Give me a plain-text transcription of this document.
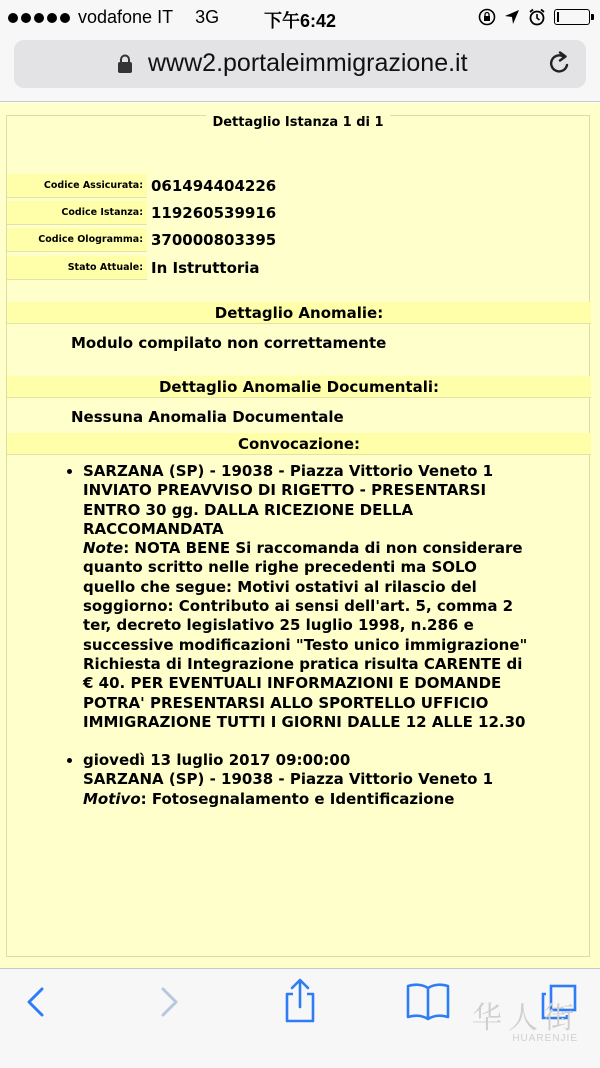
vodafone IT 3G	下午6:42
www2.portaleimmigrazione.it
Dettaglio Istanza 1 di 1
Codice Assicurata: 061494404226
Codice Istanza: 119260539916
Codice Ologramma: 370000803395
Stato Attuale: In Istruttoria
Dettaglio Anomalie:
Modulo compilato non correttamente
Dettaglio Anomalie Documentali:
Nessuna Anomalia Documentale
Convocazione:
• SARZANA (SP) - 19038 - Piazza Vittorio Veneto 1
INVIATO PREAVVISO DI RIGETTO - PRESENTARSI ENTRO 30 gg. DALLA RICEZIONE DELLA RACCOMANDATA
Note: NOTA BENE Si raccomanda di non considerare quanto scritto nelle righe precedenti ma SOLO quello che segue: Motivi ostativi al rilascio del soggiorno: Contributo ai sensi dell'art. 5, comma 2 ter, decreto legislativo 25 luglio 1998, n.286 e successive modificazioni "Testo unico immigrazione" Richiesta di Integrazione pratica risulta CARENTE di € 40. PER EVENTUALI INFORMAZIONI E DOMANDE POTRA' PRESENTARSI ALLO SPORTELLO UFFICIO IMMIGRAZIONE TUTTI I GIORNI DALLE 12 ALLE 12.30
• giovedì 13 luglio 2017 09:00:00
SARZANA (SP) - 19038 - Piazza Vittorio Veneto 1
Motivo: Fotosegnalamento e Identificazione
华人街
HUARENJIE
